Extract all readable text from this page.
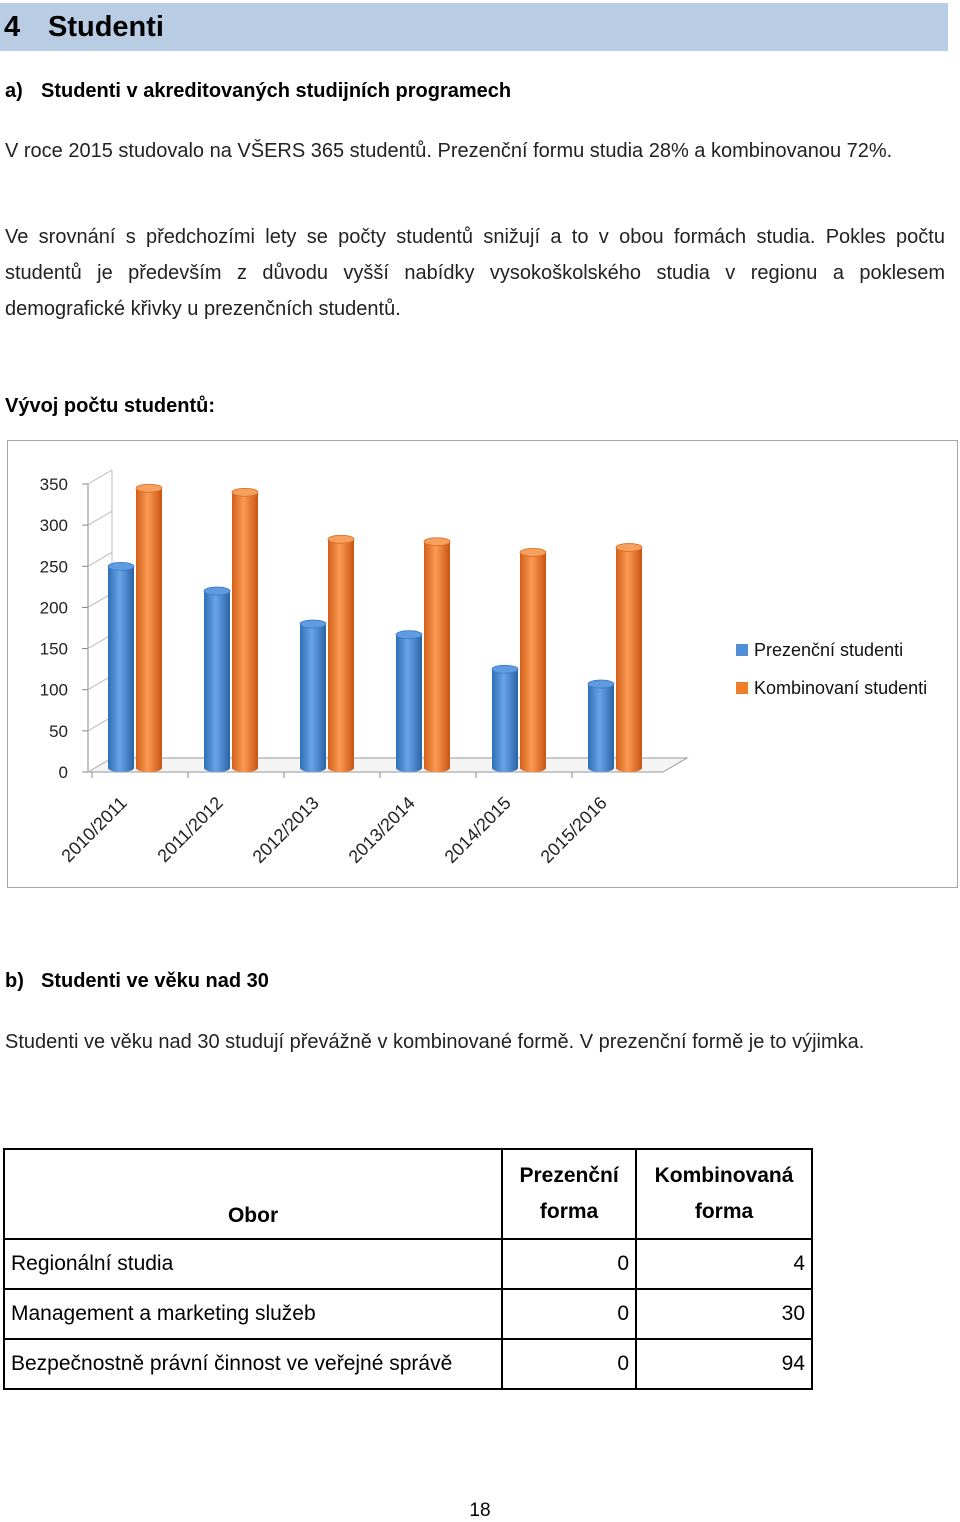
4 Studenti
a) Studenti v akreditovaných studijních programech

V roce 2015 studovalo na VŠERS 365 studentů. Prezenční formu studia 28% a kombinovanou 72%.

Ve srovnání s předchozími lety se počty studentů snižují a to v obou formách studia. Pokles počtu studentů je především z důvodu vyšší nabídky vysokoškolského studia v regionu a poklesem demografické křivky u prezenčních studentů.

Vývoj počtu studentů:
0
50
100
150
200
250
300
350
2010/2011 2011/2012 2012/2013 2013/2014 2014/2015 2015/2016
Prezenční studenti
Kombinovaní studenti
b) Studenti ve věku nad 30

Studenti ve věku nad 30 studují převážně v kombinované formě. V prezenční formě je to výjimka.

Obor	Prezenční forma	Kombinovaná forma
Regionální studia	0	4
Management a marketing služeb	0	30
Bezpečnostně právní činnost ve veřejné správě	0	94
18
